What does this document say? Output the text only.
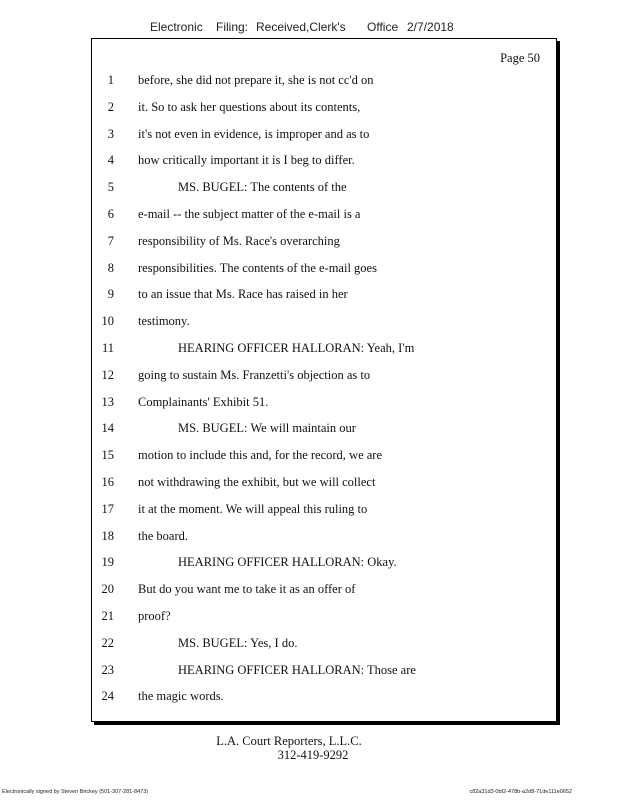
Electronic Filing: Received,Clerk's Office 2/7/2018
Page 50
1 before, she did not prepare it, she is not cc'd on
2 it. So to ask her questions about its contents,
3 it's not even in evidence, is improper and as to
4 how critically important it is I beg to differ.
5	MS. BUGEL: The contents of the
6 e-mail -- the subject matter of the e-mail is a
7 responsibility of Ms. Race's overarching
8 responsibilities. The contents of the e-mail goes
9 to an issue that Ms. Race has raised in her
10 testimony.
11	HEARING OFFICER HALLORAN: Yeah, I'm
12 going to sustain Ms. Franzetti's objection as to
13 Complainants' Exhibit 51.
14	MS. BUGEL: We will maintain our
15 motion to include this and, for the record, we are
16 not withdrawing the exhibit, but we will collect
17 it at the moment. We will appeal this ruling to
18 the board.
19	HEARING OFFICER HALLORAN: Okay.
20 But do you want me to take it as an offer of
21 proof?
22	MS. BUGEL: Yes, I do.
23	HEARING OFFICER HALLORAN: Those are
24 the magic words.
L.A. Court Reporters, L.L.C.
312-419-9292
Electronically signed by Steven Brickey (501-307-281-8473)	c82a31d3-0bf2-478b-a2d8-71de111e0652
